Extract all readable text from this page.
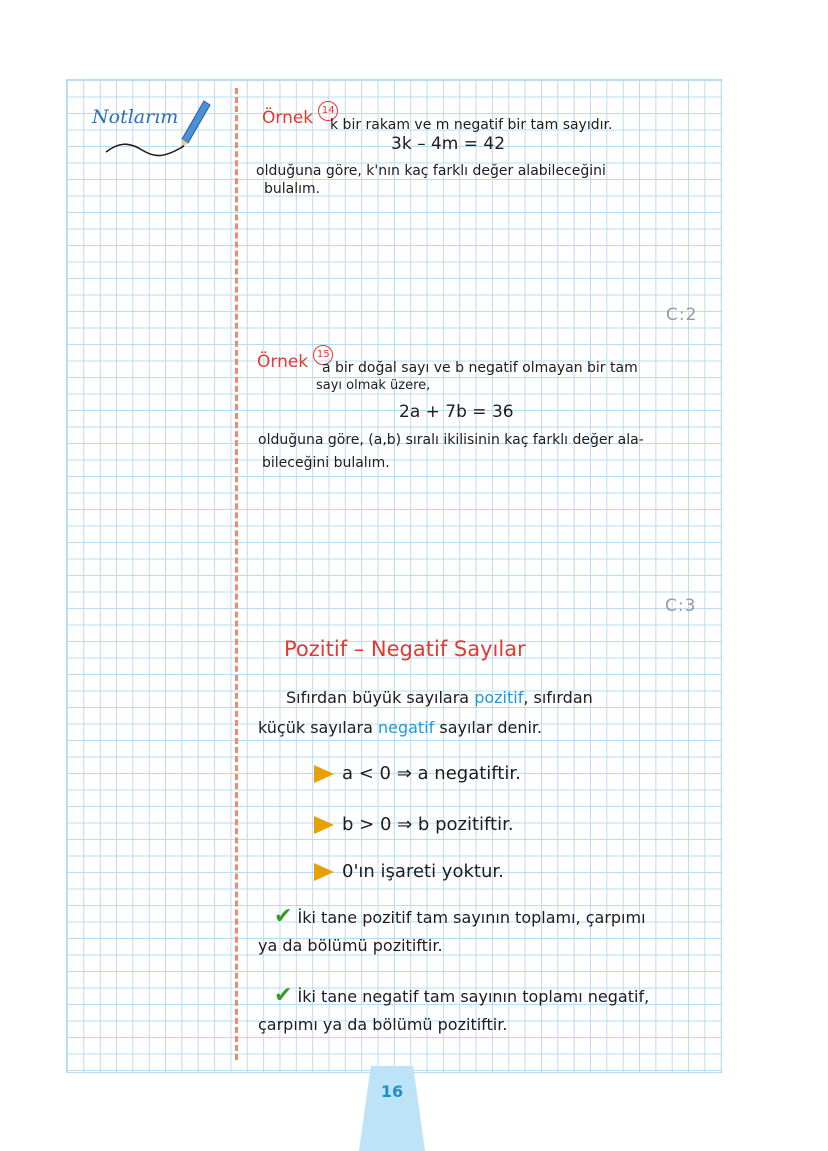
Notlarım	Örnek 14
k bir rakam ve m negatif bir tam sayıdır.
3k – 4m = 42
olduğuna göre, k'nın kaç farklı değer alabileceğini
bulalım.
C:2
Örnek 15
a bir doğal sayı ve b negatif olmayan bir tam
sayı olmak üzere,
2a + 7b = 36
olduğuna göre, (a,b) sıralı ikilisinin kaç farklı değer ala-
bileceğini bulalım.
C:3
Pozitif – Negatif Sayılar
Sıfırdan büyük sayılara pozitif, sıfırdan
küçük sayılara negatif sayılar denir.
a < 0 ⇒ a negatiftir.
b > 0 ⇒ b pozitiftir.
0'ın işareti yoktur.
✔ İki tane pozitif tam sayının toplamı, çarpımı
ya da bölümü pozitiftir.
✔ İki tane negatif tam sayının toplamı negatif,
çarpımı ya da bölümü pozitiftir.
16
